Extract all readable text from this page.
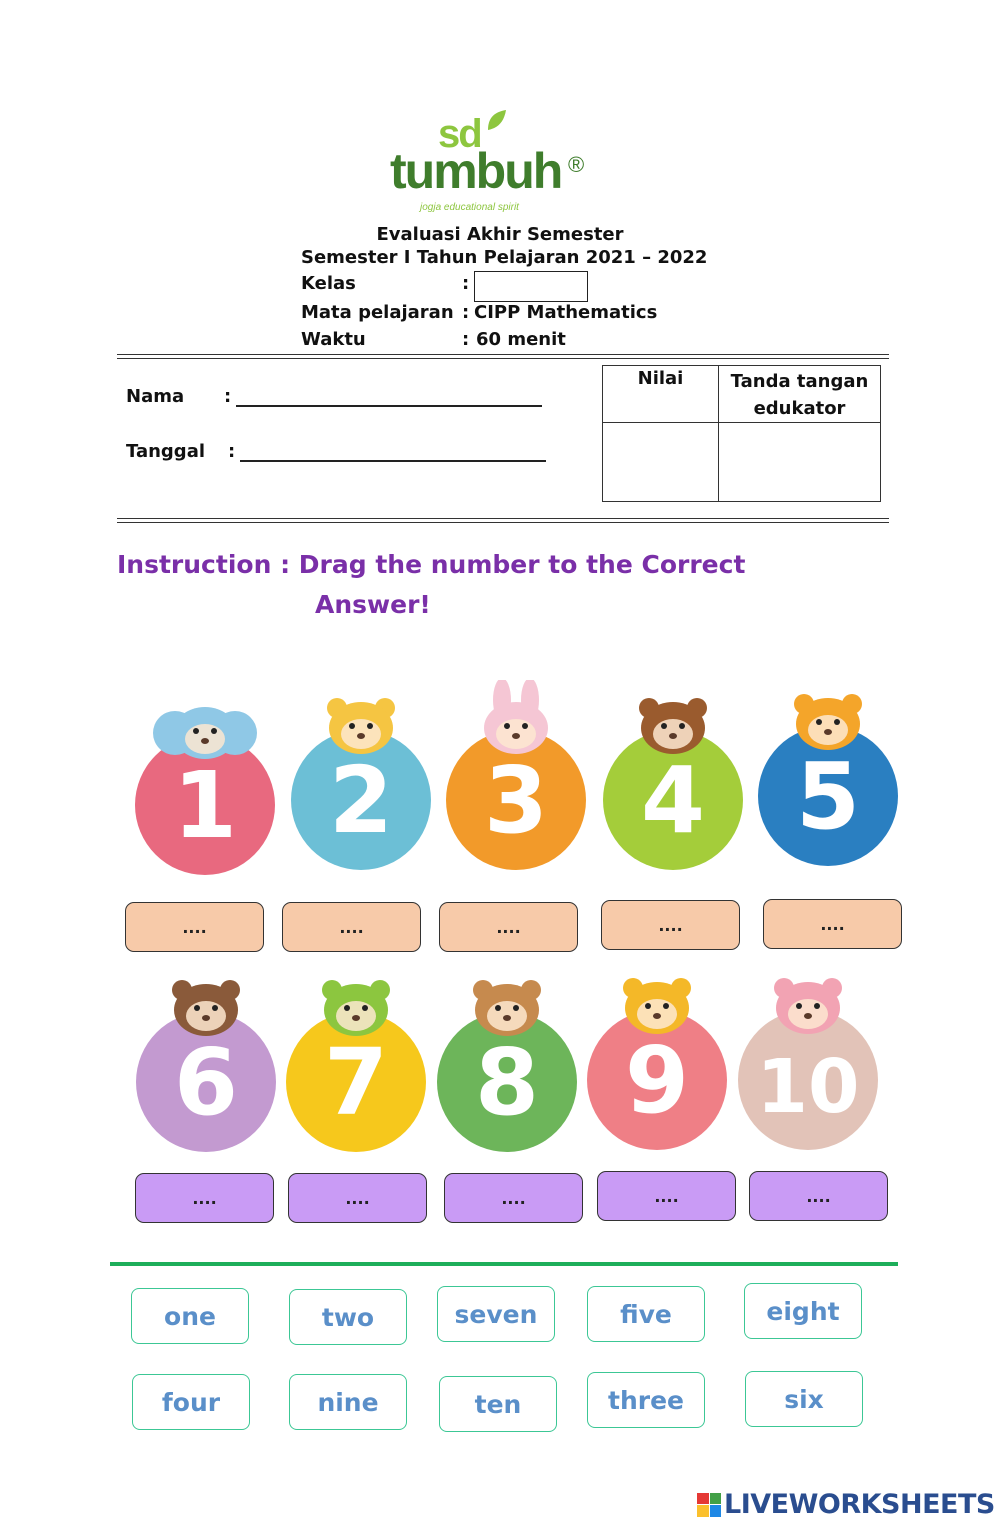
sd
tumbuh ®
jogja educational spirit
Evaluasi Akhir Semester
Semester I Tahun Pelajaran 2021 – 2022
Kelas	:
Mata pelajaran : CIPP Mathematics
Waktu	: 60 menit
Nama :
Tanggal :
Nilai	Tanda tangan edukator

Instruction : Drag the number to the Correct
Answer!
1 2 3 4 5
6 7 8 9 10
....	....	....	....	....
....	....	....	....	....
one	two	seven	five	eight
four	nine	ten	three	six
LIVEWORKSHEETS
